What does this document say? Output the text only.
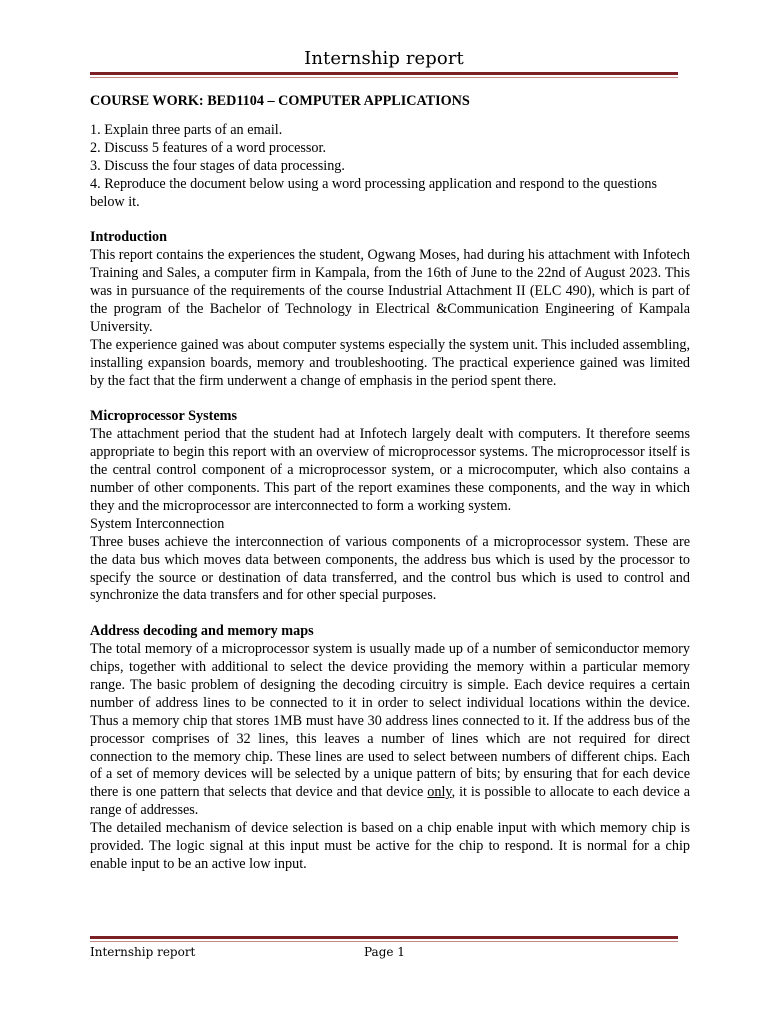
Internship report
COURSE WORK: BED1104 – COMPUTER APPLICATIONS
1. Explain three parts of an email.
2. Discuss 5 features of a word processor.
3. Discuss the four stages of data processing.
4. Reproduce the document below using a word processing application and respond to the questions below it.
Introduction
This report contains the experiences the student, Ogwang Moses, had during his attachment with Infotech Training and Sales, a computer firm in Kampala, from the 16th of June to the 22nd of August 2023. This was in pursuance of the requirements of the course Industrial Attachment II (ELC 490), which is part of the program of the Bachelor of Technology in Electrical &Communication Engineering of Kampala University.
The experience gained was about computer systems especially the system unit. This included assembling, installing expansion boards, memory and troubleshooting. The practical experience gained was limited by the fact that the firm underwent a change of emphasis in the period spent there.
Microprocessor Systems
The attachment period that the student had at Infotech largely dealt with computers. It therefore seems appropriate to begin this report with an overview of microprocessor systems. The microprocessor itself is the central control component of a microprocessor system, or a microcomputer, which also contains a number of other components. This part of the report examines these components, and the way in which they and the microprocessor are interconnected to form a working system.
System Interconnection
Three buses achieve the interconnection of various components of a microprocessor system. These are the data bus which moves data between components, the address bus which is used by the processor to specify the source or destination of data transferred, and the control bus which is used to control and synchronize the data transfers and for other special purposes.
Address decoding and memory maps
The total memory of a microprocessor system is usually made up of a number of semiconductor memory chips, together with additional to select the device providing the memory within a particular memory range. The basic problem of designing the decoding circuitry is simple. Each device requires a certain number of address lines to be connected to it in order to select individual locations within the device. Thus a memory chip that stores 1MB must have 30 address lines connected to it. If the address bus of the processor comprises of 32 lines, this leaves a number of lines which are not required for direct connection to the memory chip. These lines are used to select between numbers of different chips. Each of a set of memory devices will be selected by a unique pattern of bits; by ensuring that for each device there is one pattern that selects that device and that device only, it is possible to allocate to each device a range of addresses.
The detailed mechanism of device selection is based on a chip enable input with which memory chip is provided. The logic signal at this input must be active for the chip to respond. It is normal for a chip enable input to be an active low input.
Internship report	Page 1
